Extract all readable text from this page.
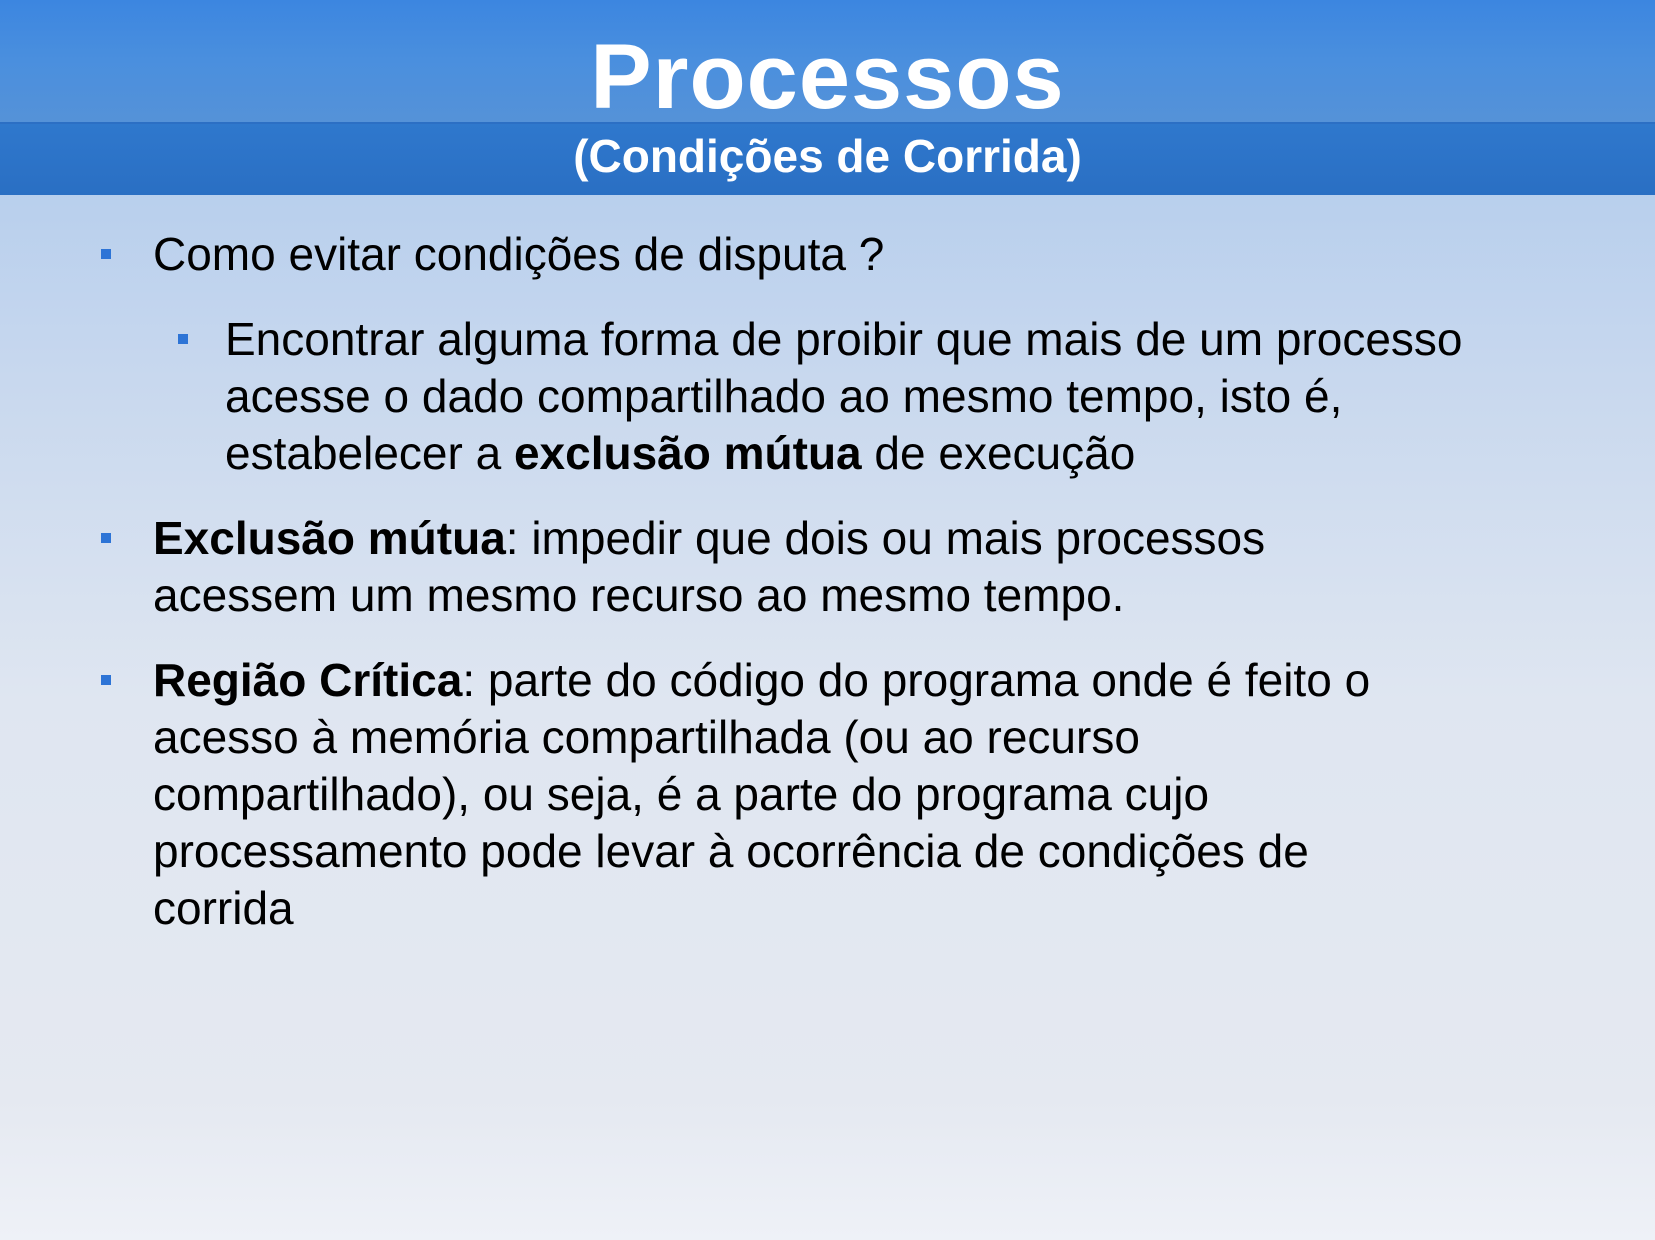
Processos
(Condições de Corrida)
Como evitar condições de disputa ?
Encontrar alguma forma de proibir que mais de um processo
acesse o dado compartilhado ao mesmo tempo, isto é,
estabelecer a exclusão mútua de execução
Exclusão mútua: impedir que dois ou mais processos
acessem um mesmo recurso ao mesmo tempo.
Região Crítica: parte do código do programa onde é feito o
acesso à memória compartilhada (ou ao recurso
compartilhado), ou seja, é a parte do programa cujo
processamento pode levar à ocorrência de condições de
corrida
